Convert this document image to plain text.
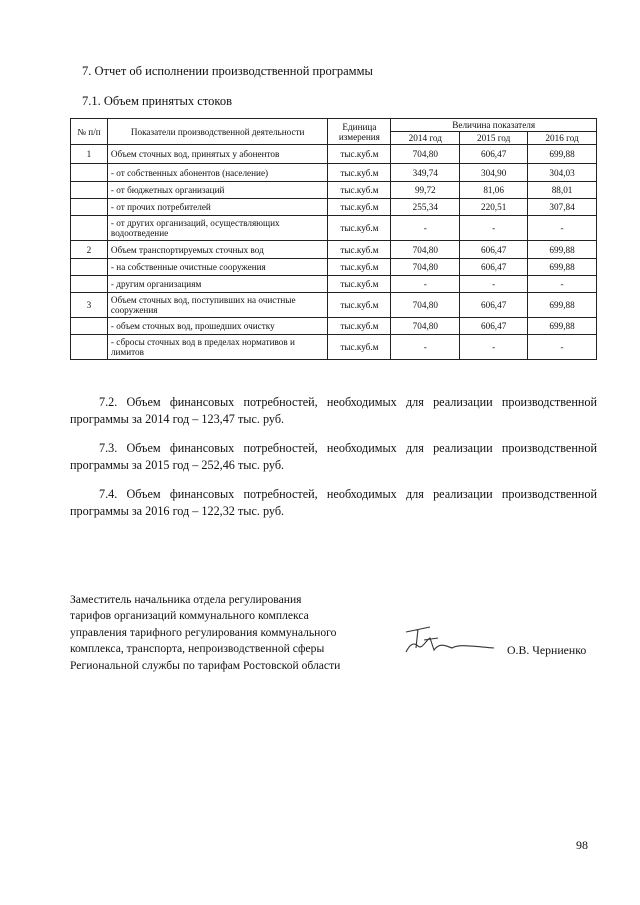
7. Отчет об исполнении производственной программы
7.1. Объем принятых стоков
№ п/п	Показатели производственной деятельности	Единица измерения	Величина показателя		
			2014 год	2015 год	2016 год
1	Объем сточных вод, принятых у абонентов	тыс.куб.м	704,80	606,47	699,88
	- от собственных абонентов (население)	тыс.куб.м	349,74	304,90	304,03
	- от бюджетных организаций	тыс.куб.м	99,72	81,06	88,01
	- от прочих потребителей	тыс.куб.м	255,34	220,51	307,84
	- от других организаций, осуществляющих водоотведение	тыс.куб.м	-	-	-
2	Объем транспортируемых сточных вод	тыс.куб.м	704,80	606,47	699,88
	- на собственные очистные сооружения	тыс.куб.м	704,80	606,47	699,88
	- другим организациям	тыс.куб.м	-	-	-
3	Объем сточных вод, поступивших на очистные сооружения	тыс.куб.м	704,80	606,47	699,88
	- объем сточных вод, прошедших очистку	тыс.куб.м	704,80	606,47	699,88
	- сбросы сточных вод в пределах нормативов и лимитов	тыс.куб.м	-	-	-
7.2. Объем финансовых потребностей, необходимых для реализации производственной программы за 2014 год – 123,47 тыс. руб.
7.3. Объем финансовых потребностей, необходимых для реализации производственной программы за 2015 год – 252,46 тыс. руб.
7.4. Объем финансовых потребностей, необходимых для реализации производственной программы за 2016 год – 122,32 тыс. руб.
Заместитель начальника отдела регулирования
тарифов организаций коммунального комплекса
управления тарифного регулирования коммунального
комплекса, транспорта, непроизводственной сферы
Региональной службы по тарифам Ростовской области
О.В. Черниенко
98
